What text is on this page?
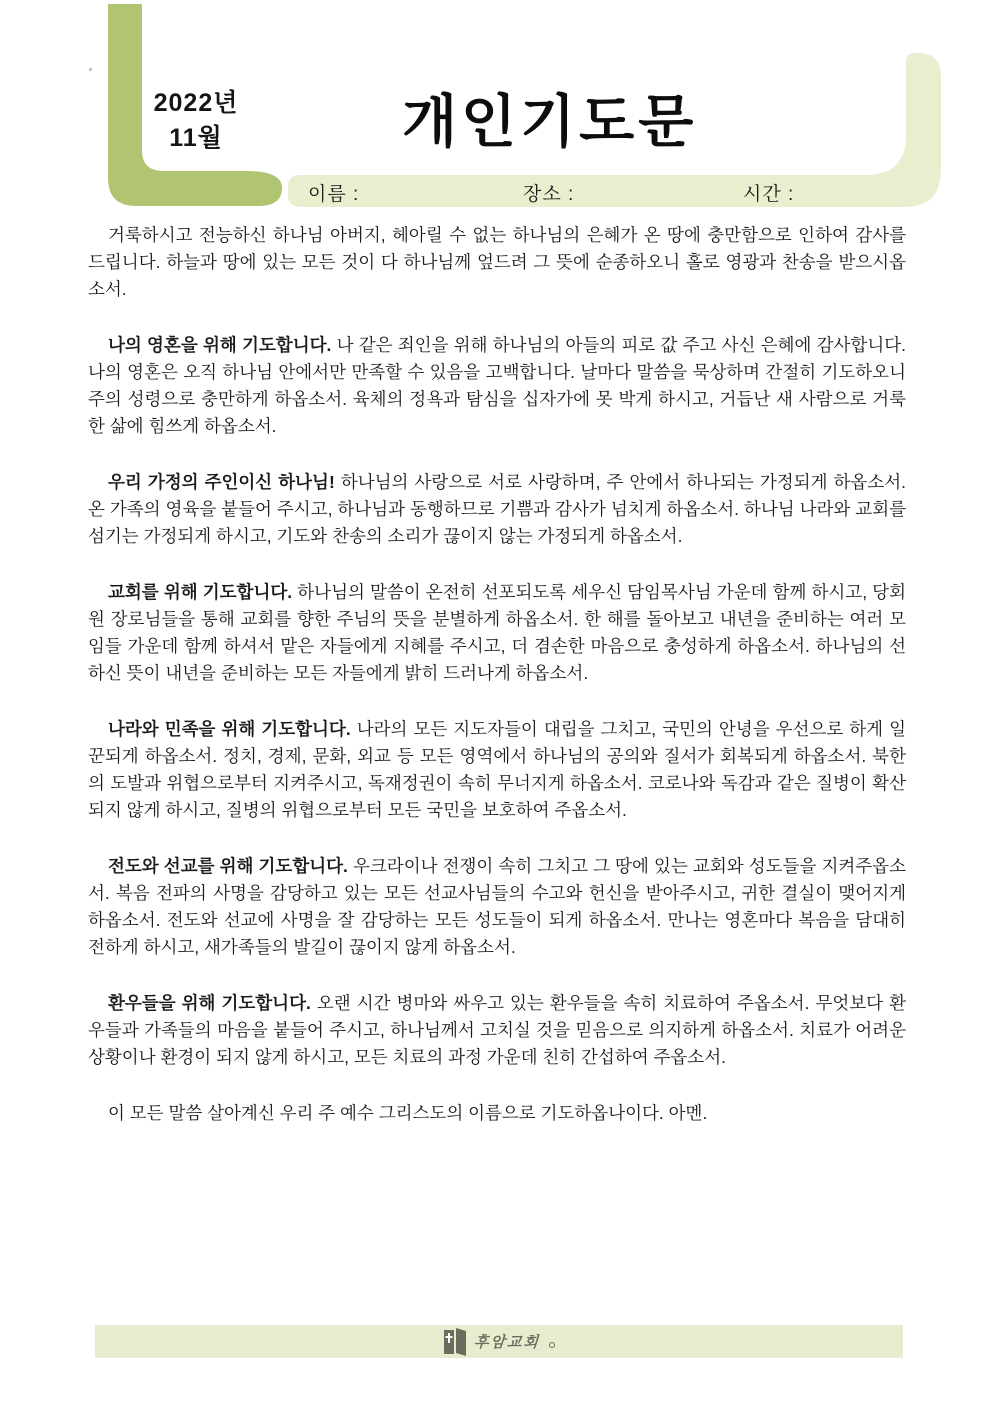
2022년
11월	개인기도문
이름 :	장소 :	시간 :

거룩하시고 전능하신 하나님 아버지, 헤아릴 수 없는 하나님의 은혜가 온 땅에 충만함으로 인하여 감사를 드립니다. 하늘과 땅에 있는 모든 것이 다 하나님께 엎드려 그 뜻에 순종하오니 홀로 영광과 찬송을 받으시옵소서.

나의 영혼을 위해 기도합니다. 나 같은 죄인을 위해 하나님의 아들의 피로 값 주고 사신 은혜에 감사합니다. 나의 영혼은 오직 하나님 안에서만 만족할 수 있음을 고백합니다. 날마다 말씀을 묵상하며 간절히 기도하오니 주의 성령으로 충만하게 하옵소서. 육체의 정욕과 탐심을 십자가에 못 박게 하시고, 거듭난 새 사람으로 거룩한 삶에 힘쓰게 하옵소서.

우리 가정의 주인이신 하나님! 하나님의 사랑으로 서로 사랑하며, 주 안에서 하나되는 가정되게 하옵소서. 온 가족의 영육을 붙들어 주시고, 하나님과 동행하므로 기쁨과 감사가 넘치게 하옵소서. 하나님 나라와 교회를 섬기는 가정되게 하시고, 기도와 찬송의 소리가 끊이지 않는 가정되게 하옵소서.

교회를 위해 기도합니다. 하나님의 말씀이 온전히 선포되도록 세우신 담임목사님 가운데 함께 하시고, 당회원 장로님들을 통해 교회를 향한 주님의 뜻을 분별하게 하옵소서. 한 해를 돌아보고 내년을 준비하는 여러 모임들 가운데 함께 하셔서 맡은 자들에게 지혜를 주시고, 더 겸손한 마음으로 충성하게 하옵소서. 하나님의 선하신 뜻이 내년을 준비하는 모든 자들에게 밝히 드러나게 하옵소서.

나라와 민족을 위해 기도합니다. 나라의 모든 지도자들이 대립을 그치고, 국민의 안녕을 우선으로 하게 일꾼되게 하옵소서. 정치, 경제, 문화, 외교 등 모든 영역에서 하나님의 공의와 질서가 회복되게 하옵소서. 북한의 도발과 위협으로부터 지켜주시고, 독재정권이 속히 무너지게 하옵소서. 코로나와 독감과 같은 질병이 확산되지 않게 하시고, 질병의 위협으로부터 모든 국민을 보호하여 주옵소서.

전도와 선교를 위해 기도합니다. 우크라이나 전쟁이 속히 그치고 그 땅에 있는 교회와 성도들을 지켜주옵소서. 복음 전파의 사명을 감당하고 있는 모든 선교사님들의 수고와 헌신을 받아주시고, 귀한 결실이 맺어지게 하옵소서. 전도와 선교에 사명을 잘 감당하는 모든 성도들이 되게 하옵소서. 만나는 영혼마다 복음을 담대히 전하게 하시고, 새가족들의 발길이 끊이지 않게 하옵소서.

환우들을 위해 기도합니다. 오랜 시간 병마와 싸우고 있는 환우들을 속히 치료하여 주옵소서. 무엇보다 환우들과 가족들의 마음을 붙들어 주시고, 하나님께서 고치실 것을 믿음으로 의지하게 하옵소서. 치료가 어려운 상황이나 환경이 되지 않게 하시고, 모든 치료의 과정 가운데 친히 간섭하여 주옵소서.

이 모든 말씀 살아계신 우리 주 예수 그리스도의 이름으로 기도하옵나이다. 아멘.

후암교회
